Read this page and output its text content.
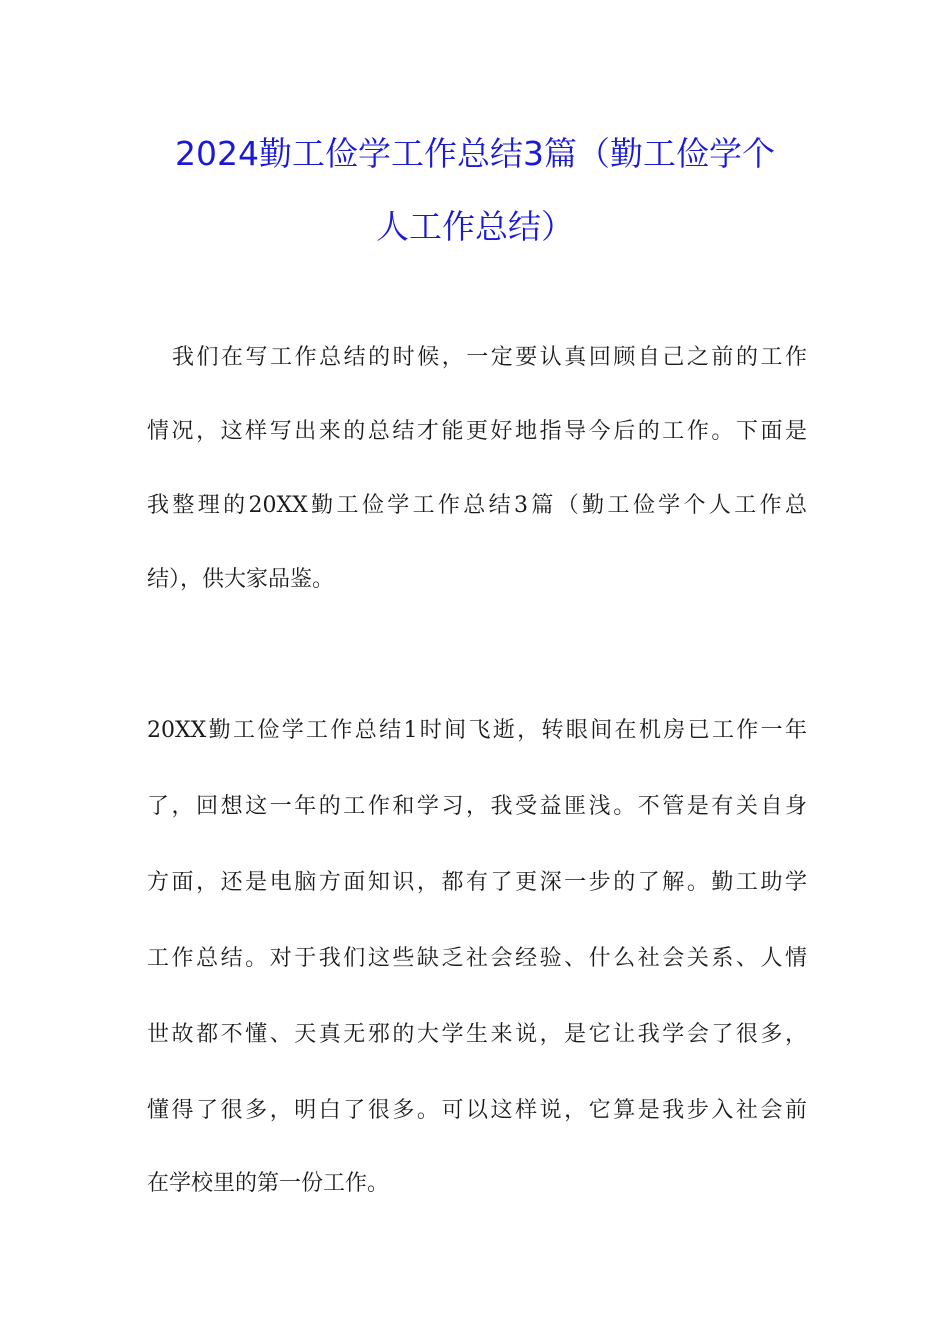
2024勤工俭学工作总结3篇（勤工俭学个
人工作总结）
我们在写工作总结的时候，一定要认真回顾自己之前的工作
情况，这样写出来的总结才能更好地指导今后的工作。下面是
我整理的20XX勤工俭学工作总结3篇（勤工俭学个人工作总
结），供大家品鉴。
20XX勤工俭学工作总结1时间飞逝，转眼间在机房已工作一年
了，回想这一年的工作和学习，我受益匪浅。不管是有关自身
方面，还是电脑方面知识，都有了更深一步的了解。勤工助学
工作总结。对于我们这些缺乏社会经验、什么社会关系、人情
世故都不懂、天真无邪的大学生来说，是它让我学会了很多，
懂得了很多，明白了很多。可以这样说，它算是我步入社会前
在学校里的第一份工作。
